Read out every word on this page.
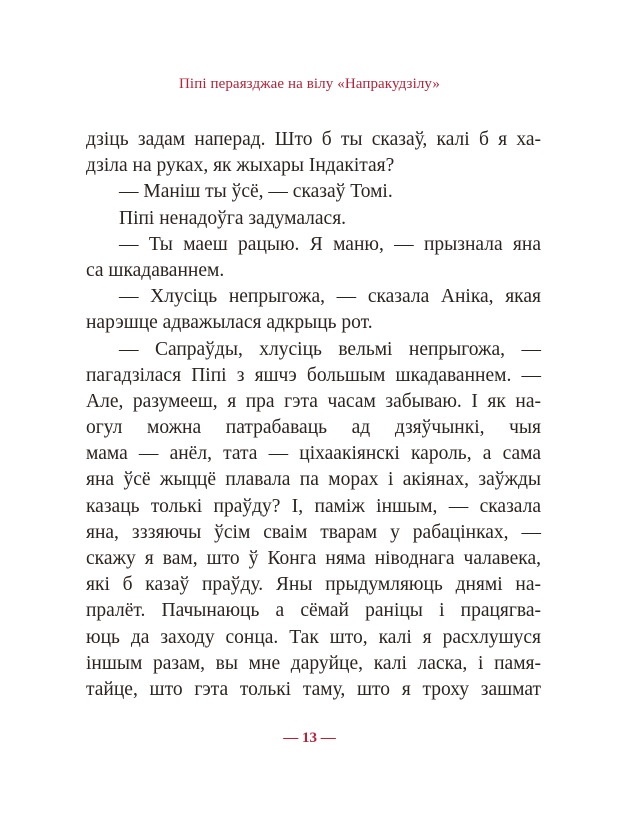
Піпі пераязджае на вілу «Напракудзілу»
дзіць задам наперад. Што б ты сказаў, калі б я ха-
дзіла на руках, як жыхары Індакітая?
— Маніш ты ўсё, — сказаў Томі.
Піпі ненадоўга задумалася.
— Ты маеш рацыю. Я маню, — прызнала яна
са шкадаваннем.
— Хлусіць непрыгожа, — сказала Аніка, якая
нарэшце адважылася адкрыць рот.
— Сапраўды, хлусіць вельмі непрыгожа, —
пагадзілася Піпі з яшчэ большым шкадаваннем. —
Але, разумееш, я пра гэта часам забываю. І як на-
огул можна патрабаваць ад дзяўчынкі, чыя
мама — анёл, тата — ціхаакіянскі кароль, а сама
яна ўсё жыццё плавала па морах і акіянах, заўжды
казаць толькі праўду? І, паміж іншым, — сказала
яна, зззяючы ўсім сваім тварам у рабацінках, —
скажу я вам, што ў Конга няма ніводнага чалавека,
які б казаў праўду. Яны прыдумляюць днямі на-
пралёт. Пачынаюць а сёмай раніцы і працягва-
юць да заходу сонца. Так што, калі я расхлушуся
іншым разам, вы мне даруйце, калі ласка, і памя-
тайце, што гэта толькі таму, што я троху зашмат
— 13 —
